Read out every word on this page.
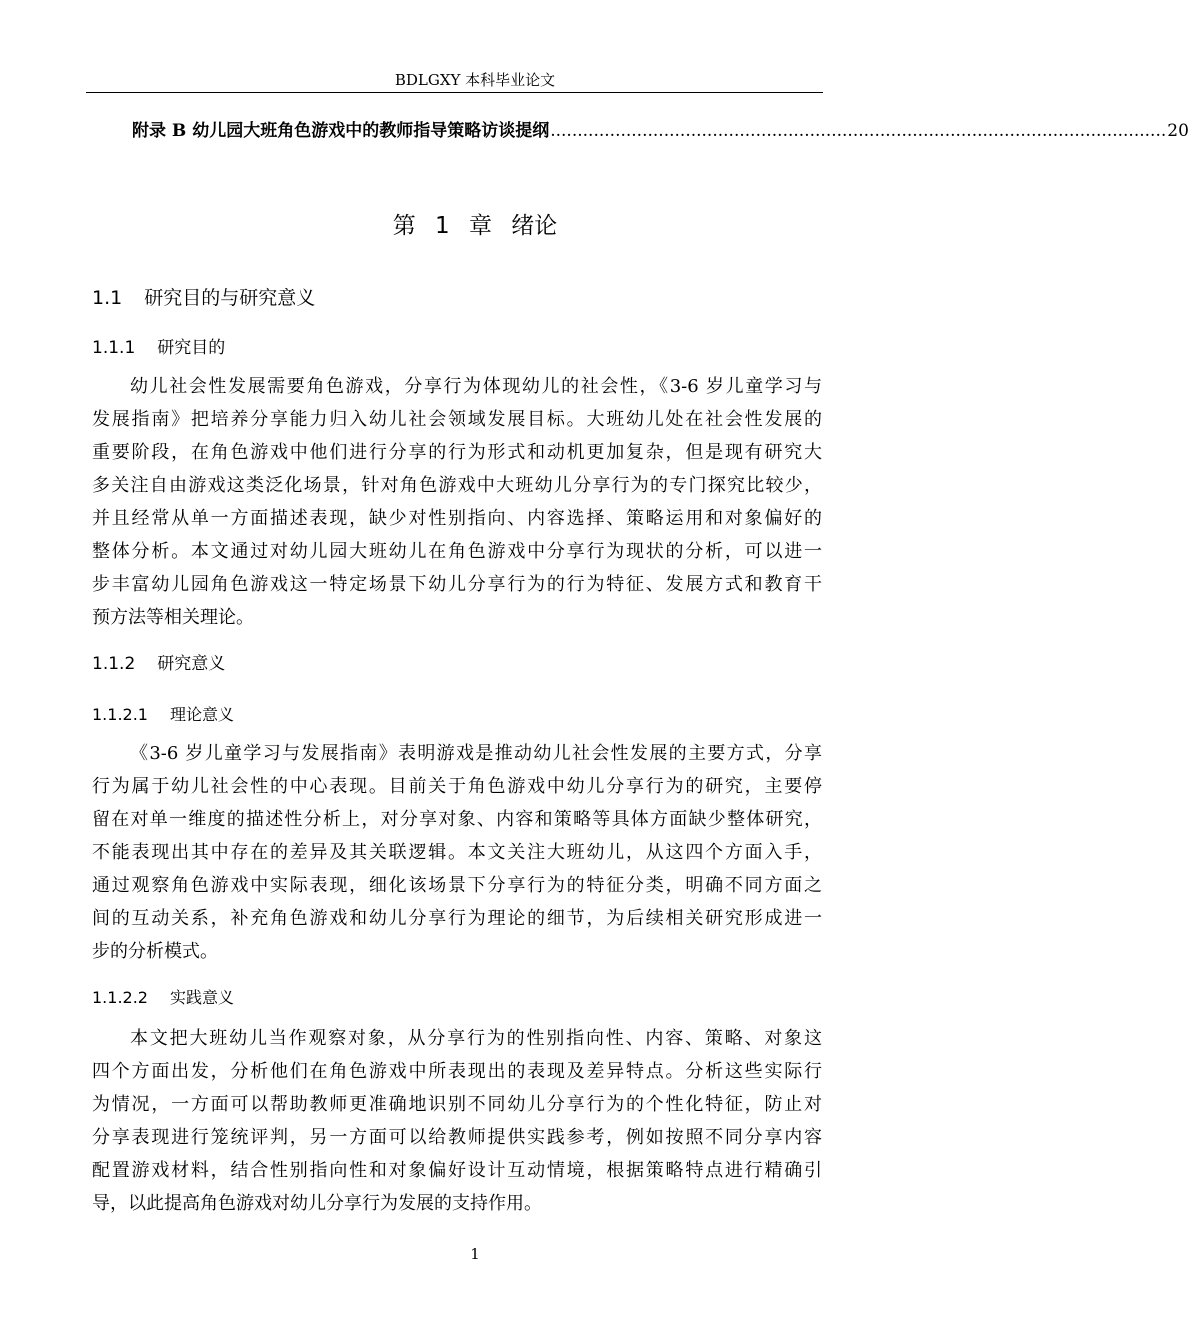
BDLGXY 本科毕业论文
附录 B 幼儿园大班角色游戏中的教师指导策略访谈提纲 .................................................................................................................. 20
第 1 章 绪论
1.1 研究目的与研究意义
1.1.1 研究目的
幼儿社会性发展需要角色游戏，分享行为体现幼儿的社会性，《3-6 岁儿童学习与
发展指南》把培养分享能力归入幼儿社会领域发展目标。大班幼儿处在社会性发展的
重要阶段，在角色游戏中他们进行分享的行为形式和动机更加复杂，但是现有研究大
多关注自由游戏这类泛化场景，针对角色游戏中大班幼儿分享行为的专门探究比较少，
并且经常从单一方面描述表现，缺少对性别指向、内容选择、策略运用和对象偏好的
整体分析。本文通过对幼儿园大班幼儿在角色游戏中分享行为现状的分析，可以进一
步丰富幼儿园角色游戏这一特定场景下幼儿分享行为的行为特征、发展方式和教育干
预方法等相关理论。
1.1.2 研究意义
1.1.2.1 理论意义
《3-6 岁儿童学习与发展指南》表明游戏是推动幼儿社会性发展的主要方式，分享
行为属于幼儿社会性的中心表现。目前关于角色游戏中幼儿分享行为的研究，主要停
留在对单一维度的描述性分析上，对分享对象、内容和策略等具体方面缺少整体研究，
不能表现出其中存在的差异及其关联逻辑。本文关注大班幼儿，从这四个方面入手，
通过观察角色游戏中实际表现，细化该场景下分享行为的特征分类，明确不同方面之
间的互动关系，补充角色游戏和幼儿分享行为理论的细节，为后续相关研究形成进一
步的分析模式。
1.1.2.2 实践意义
本文把大班幼儿当作观察对象，从分享行为的性别指向性、内容、策略、对象这
四个方面出发，分析他们在角色游戏中所表现出的表现及差异特点。分析这些实际行
为情况，一方面可以帮助教师更准确地识别不同幼儿分享行为的个性化特征，防止对
分享表现进行笼统评判，另一方面可以给教师提供实践参考，例如按照不同分享内容
配置游戏材料，结合性别指向性和对象偏好设计互动情境，根据策略特点进行精确引
导，以此提高角色游戏对幼儿分享行为发展的支持作用。
1
